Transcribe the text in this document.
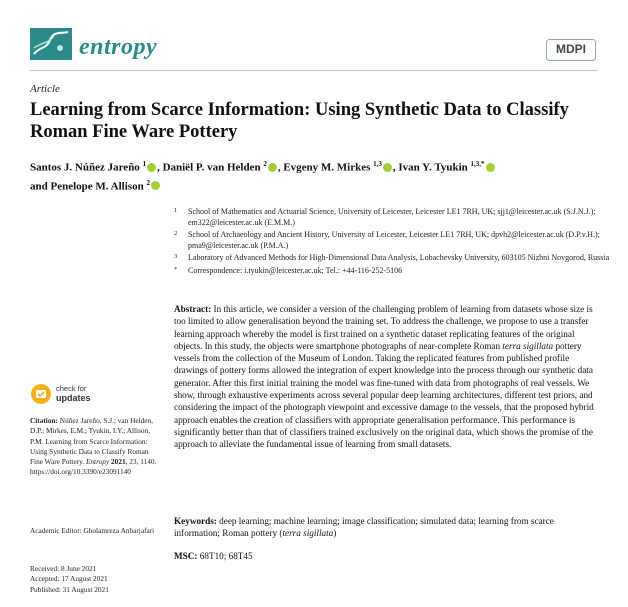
entropy	MDPI
Article
Learning from Scarce Information: Using Synthetic Data to Classify Roman Fine Ware Pottery
Santos J. Núñez Jareño $^1$ , Daniël P. van Helden $^2$ , Evgeny M. Mirkes $^{1,3}$ , Ivan Y. Tyukin $^{1,3,*}$
and Penelope M. Allison $^2$
1 School of Mathematics and Actuarial Science, University of Leicester, Leicester LE1 7RH, UK; sjj1@leicester.ac.uk (S.J.N.J.); em322@leicester.ac.uk (E.M.M.)
2 School of Archaeology and Ancient History, University of Leicester, Leicester LE1 7RH, UK; dpvh2@leicester.ac.uk (D.P.v.H.); pma9@leicester.ac.uk (P.M.A.)
3 Laboratory of Advanced Methods for High-Dimensional Data Analysis, Lobachevsky University, 603105 Nizhni Novgorod, Russia
* Correspondence: i.tyukin@leicester.ac.uk; Tel.: +44-116-252-5106
Abstract: In this article, we consider a version of the challenging problem of learning from datasets whose size is too limited to allow generalisation beyond the training set. To address the challenge, we propose to use a transfer learning approach whereby the model is first trained on a synthetic dataset replicating features of the original objects. In this study, the objects were smartphone photographs of near-complete Roman terra sigillata pottery vessels from the collection of the Museum of London. Taking the replicated features from published profile drawings of pottery forms allowed the integration of expert knowledge into the process through our synthetic data generator. After this first initial training the model was fine-tuned with data from photographs of real vessels. We show, through exhaustive experiments across several popular deep learning architectures, different test priors, and considering the impact of the photograph viewpoint and excessive damage to the vessels, that the proposed hybrid approach enables the creation of classifiers with appropriate generalisation performance. This performance is significantly better than that of classifiers trained exclusively on the original data, which shows the promise of the approach to alleviate the fundamental issue of learning from small datasets.
Keywords: deep learning; machine learning; image classification; simulated data; learning from scarce information; Roman pottery (terra sigillata)
MSC: 68T10; 68T45
check for
updates
Citation: Núñez Jareño, S.J.; van Helden, D.P.; Mirkes, E.M.; Tyukin, I.Y.; Allison, P.M. Learning from Scarce Information: Using Synthetic Data to Classify Roman Fine Ware Pottery. Entropy 2021, 23, 1140. https://doi.org/10.3390/e23091140
Academic Editor: Gholamreza Anbarjafari
Received: 8 June 2021
Accepted: 17 August 2021
Published: 31 August 2021
